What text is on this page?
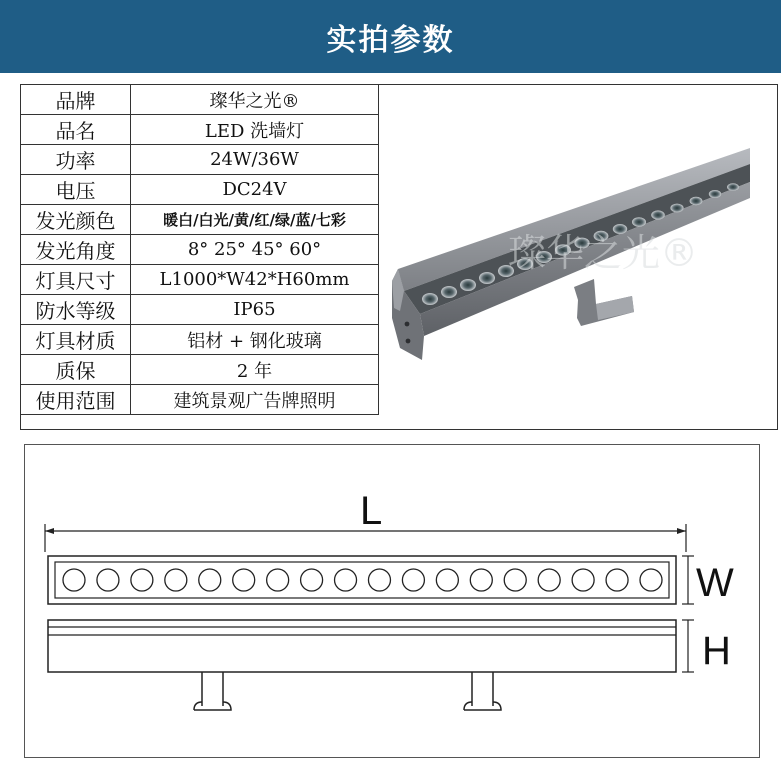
实拍参数
品牌	璨华之光®
品名	LED 洗墙灯
功率	24W/36W
电压	DC24V
发光颜色	暖白/白光/黄/红/绿/蓝/七彩
发光角度	8° 25° 45° 60°
灯具尺寸	L1000*W42*H60mm
防水等级	IP65
灯具材质	铝材 + 钢化玻璃
质保	2 年
使用范围	建筑景观广告牌照明
璨华之光®
L
W
H
